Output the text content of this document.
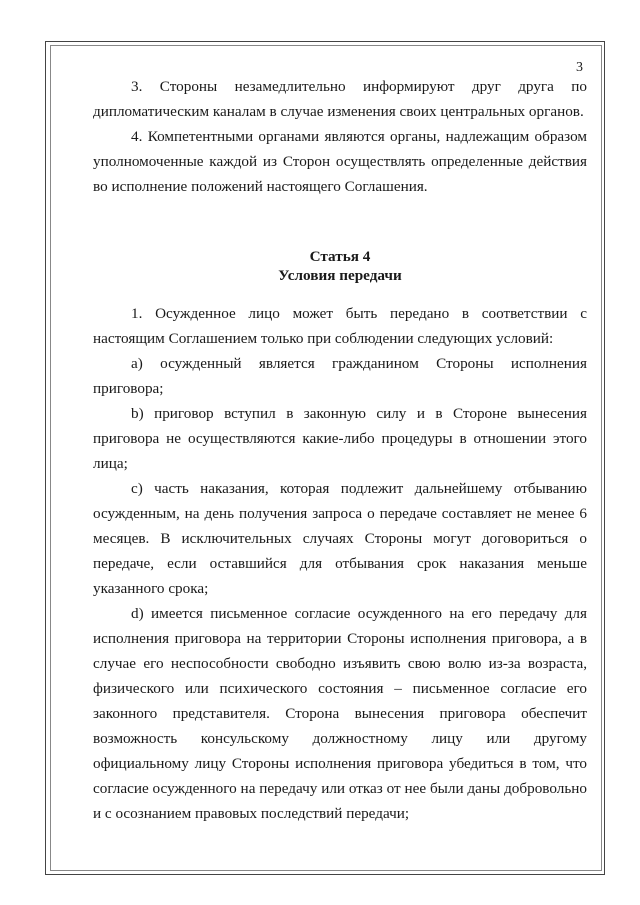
3

3. Стороны незамедлительно информируют друг друга по дипломатическим каналам в случае изменения своих центральных органов.

4. Компетентными органами являются органы, надлежащим образом уполномоченные каждой из Сторон осуществлять определенные действия во исполнение положений настоящего Соглашения.

Статья 4
Условия передачи

1. Осужденное лицо может быть передано в соответствии с настоящим Соглашением только при соблюдении следующих условий:

a) осужденный является гражданином Стороны исполнения приговора;

b) приговор вступил в законную силу и в Стороне вынесения приговора не осуществляются какие-либо процедуры в отношении этого лица;

c) часть наказания, которая подлежит дальнейшему отбыванию осужденным, на день получения запроса о передаче составляет не менее 6 месяцев. В исключительных случаях Стороны могут договориться о передаче, если оставшийся для отбывания срок наказания меньше указанного срока;

d) имеется письменное согласие осужденного на его передачу для исполнения приговора на территории Стороны исполнения приговора, а в случае его неспособности свободно изъявить свою волю из-за возраста, физического или психического состояния – письменное согласие его законного представителя. Сторона вынесения приговора обеспечит возможность консульскому должностному лицу или другому официальному лицу Стороны исполнения приговора убедиться в том, что согласие осужденного на передачу или отказ от нее были даны добровольно и с осознанием правовых последствий передачи;
